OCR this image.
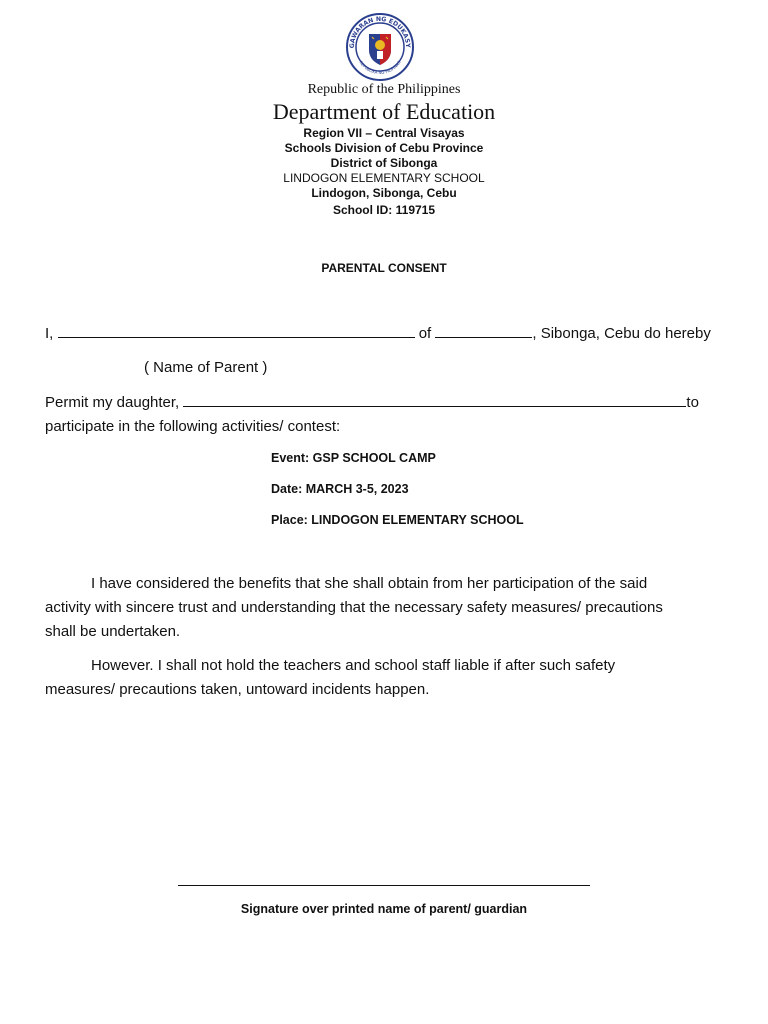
GAWARAN NG EDUKASY
REPUBLIKA NG PILIPINAS
Republic of the Philippines
Department of Education
Region VII – Central Visayas
Schools Division of Cebu Province
District of Sibonga
LINDOGON ELEMENTARY SCHOOL
Lindogon, Sibonga, Cebu
School ID: 119715
PARENTAL CONSENT
I,	of	, Sibonga, Cebu do hereby
( Name of Parent )
Permit my daughter,	to
participate in the following activities/ contest:
Event: GSP SCHOOL CAMP
Date: MARCH 3-5, 2023
Place: LINDOGON ELEMENTARY SCHOOL
I have considered the benefits that she shall obtain from her participation of the said
activity with sincere trust and understanding that the necessary safety measures/ precautions
shall be undertaken.
However. I shall not hold the teachers and school staff liable if after such safety
measures/ precautions taken, untoward incidents happen.
Signature over printed name of parent/ guardian
